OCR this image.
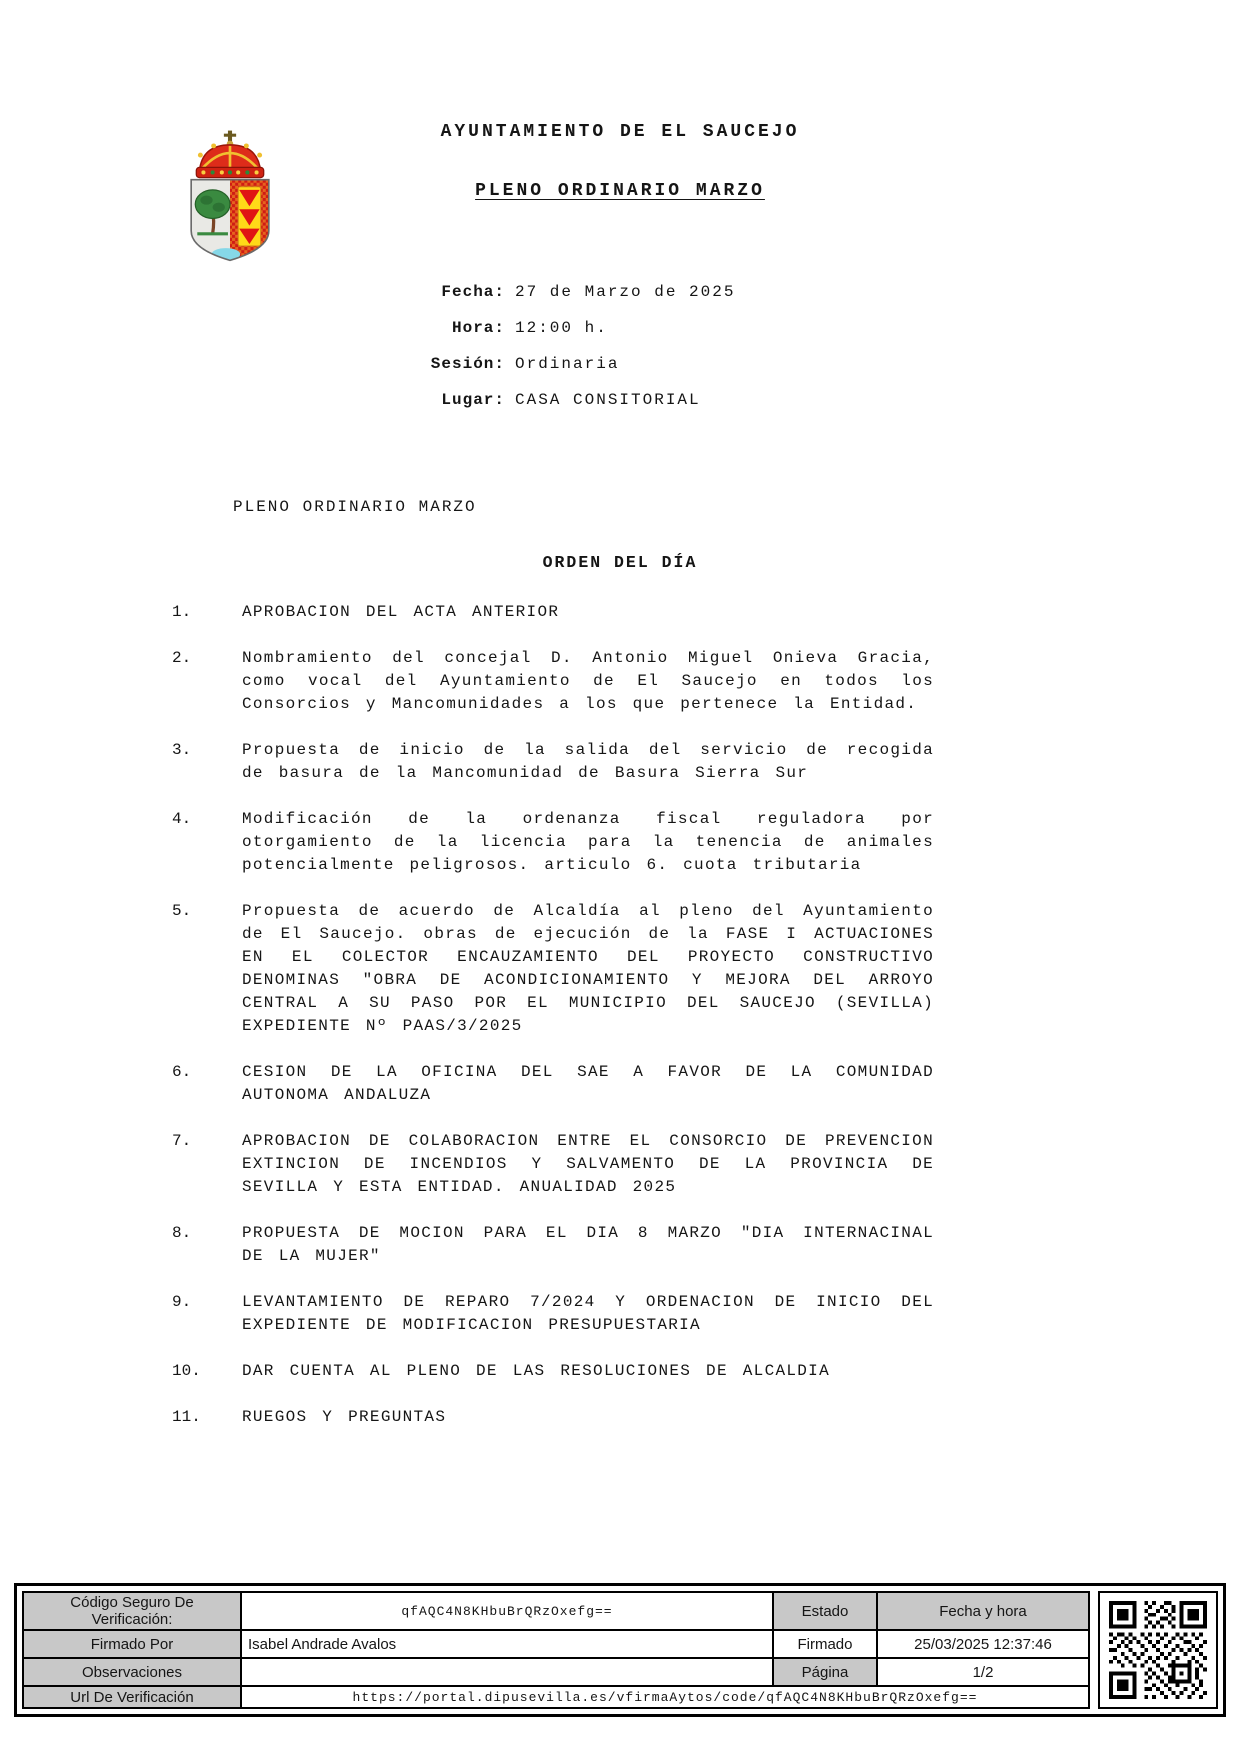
AYUNTAMIENTO DE EL SAUCEJO
PLENO ORDINARIO MARZO
Fecha: 27 de Marzo de 2025
Hora: 12:00 h.
Sesión: Ordinaria
Lugar: CASA CONSITORIAL
PLENO ORDINARIO MARZO
ORDEN DEL DÍA
1.	APROBACION DEL ACTA ANTERIOR
2.	Nombramiento del concejal D. Antonio Miguel Onieva Gracia, como vocal del Ayuntamiento de El Saucejo en todos los Consorcios y Mancomunidades a los que pertenece la Entidad.
3.	Propuesta de inicio de la salida del servicio de recogida de basura de la Mancomunidad de Basura Sierra Sur
4.	Modificación de la ordenanza fiscal reguladora por otorgamiento de la licencia para la tenencia de animales potencialmente peligrosos. articulo 6. cuota tributaria
5.	Propuesta de acuerdo de Alcaldía al pleno del Ayuntamiento de El Saucejo. obras de ejecución de la FASE I ACTUACIONES EN EL COLECTOR ENCAUZAMIENTO DEL PROYECTO CONSTRUCTIVO DENOMINAS "OBRA DE ACONDICIONAMIENTO Y MEJORA DEL ARROYO CENTRAL A SU PASO POR EL MUNICIPIO DEL SAUCEJO (SEVILLA) EXPEDIENTE Nº PAAS/3/2025
6.	CESION DE LA OFICINA DEL SAE A FAVOR DE LA COMUNIDAD AUTONOMA ANDALUZA
7.	APROBACION DE COLABORACION ENTRE EL CONSORCIO DE PREVENCION EXTINCION DE INCENDIOS Y SALVAMENTO DE LA PROVINCIA DE SEVILLA Y ESTA ENTIDAD. ANUALIDAD 2025
8.	PROPUESTA DE MOCION PARA EL DIA 8 MARZO "DIA INTERNACINAL DE LA MUJER"
9.	LEVANTAMIENTO DE REPARO 7/2024 Y ORDENACION DE INICIO DEL EXPEDIENTE DE MODIFICACION PRESUPUESTARIA
10.	DAR CUENTA AL PLENO DE LAS RESOLUCIONES DE ALCALDIA
11.	RUEGOS Y PREGUNTAS
Código Seguro De Verificación:	qfAQC4N8KHbuBrQRzOxefg==	Estado	Fecha y hora
Firmado Por	Isabel Andrade Avalos	Firmado	25/03/2025 12:37:46
Observaciones		Página	1/2
Url De Verificación	https://portal.dipusevilla.es/vfirmaAytos/code/qfAQC4N8KHbuBrQRzOxefg==		
